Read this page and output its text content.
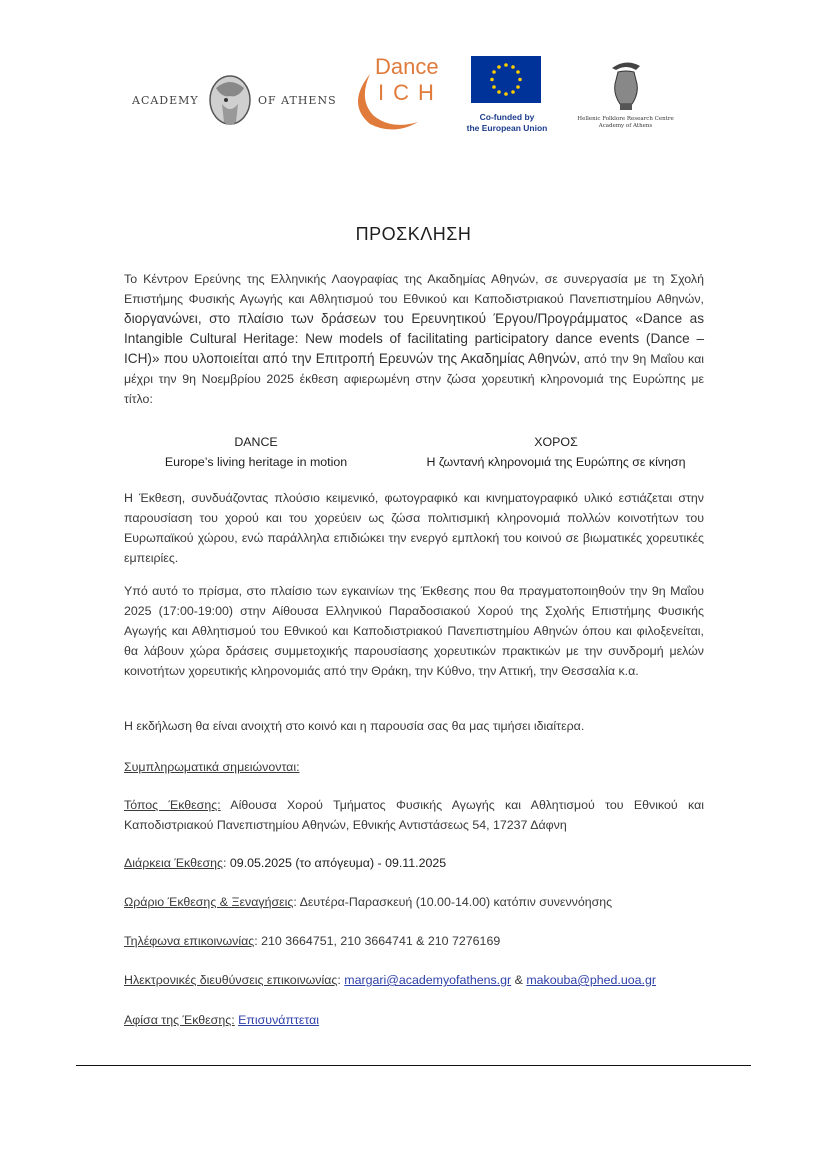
ACADEMY	OF ATHENS
Dance
ICH
Co-funded by
the European Union
Hellenic Folklore Research Centre
Academy of Athens
ΠΡΟΣΚΛΗΣΗ
Το Κέντρον Ερεύνης της Ελληνικής Λαογραφίας της Ακαδημίας Αθηνών, σε συνεργασία με τη Σχολή Επιστήμης Φυσικής Αγωγής και Αθλητισμού του Εθνικού και Καποδιστριακού Πανεπιστημίου Αθηνών, διοργανώνει, στο πλαίσιο των δράσεων του Ερευνητικού Έργου/Προγράμματος «Dance as Intangible Cultural Heritage: New models of facilitating participatory dance events (Dance – ICH)» που υλοποιείται από την Επιτροπή Ερευνών της Ακαδημίας Αθηνών, από την 9η Μαΐου και μέχρι την 9η Νοεμβρίου 2025 έκθεση αφιερωμένη στην ζώσα χορευτική κληρονομιά της Ευρώπης με τίτλο:
DANCE
Europe’s living heritage in motion
ΧΟΡΟΣ
Η ζωντανή κληρονομιά της Ευρώπης σε κίνηση
Η Έκθεση, συνδυάζοντας πλούσιο κειμενικό, φωτογραφικό και κινηματογραφικό υλικό εστιάζεται στην παρουσίαση του χορού και του χορεύειν ως ζώσα πολιτισμική κληρονομιά πολλών κοινοτήτων του Ευρωπαϊκού χώρου, ενώ παράλληλα επιδιώκει την ενεργό εμπλοκή του κοινού σε βιωματικές χορευτικές εμπειρίες.
Υπό αυτό το πρίσμα, στο πλαίσιο των εγκαινίων της Έκθεσης που θα πραγματοποιηθούν την 9η Μαΐου 2025 (17:00-19:00) στην Αίθουσα Ελληνικού Παραδοσιακού Χορού της Σχολής Επιστήμης Φυσικής Αγωγής και Αθλητισμού του Εθνικού και Καποδιστριακού Πανεπιστημίου Αθηνών όπου και φιλοξενείται, θα λάβουν χώρα δράσεις συμμετοχικής παρουσίασης χορευτικών πρακτικών με την συνδρομή μελών κοινοτήτων χορευτικής κληρονομιάς από την Θράκη, την Κύθνο, την Αττική, την Θεσσαλία κ.α.
Η εκδήλωση θα είναι ανοιχτή στο κοινό και η παρουσία σας θα μας τιμήσει ιδιαίτερα.
Συμπληρωματικά σημειώνονται:
Τόπος Έκθεσης: Αίθουσα Χορού Τμήματος Φυσικής Αγωγής και Αθλητισμού του Εθνικού και Καποδιστριακού Πανεπιστημίου Αθηνών, Εθνικής Αντιστάσεως 54, 17237 Δάφνη
Διάρκεια Έκθεσης: 09.05.2025 (το απόγευμα) - 09.11.2025
Ωράριο Έκθεσης & Ξεναγήσεις: Δευτέρα-Παρασκευή (10.00-14.00) κατόπιν συνεννόησης
Τηλέφωνα επικοινωνίας: 210 3664751, 210 3664741 & 210 7276169
Ηλεκτρονικές διευθύνσεις επικοινωνίας: margari@academyofathens.gr & makouba@phed.uoa.gr
Αφίσα της Έκθεσης: Επισυνάπτεται
